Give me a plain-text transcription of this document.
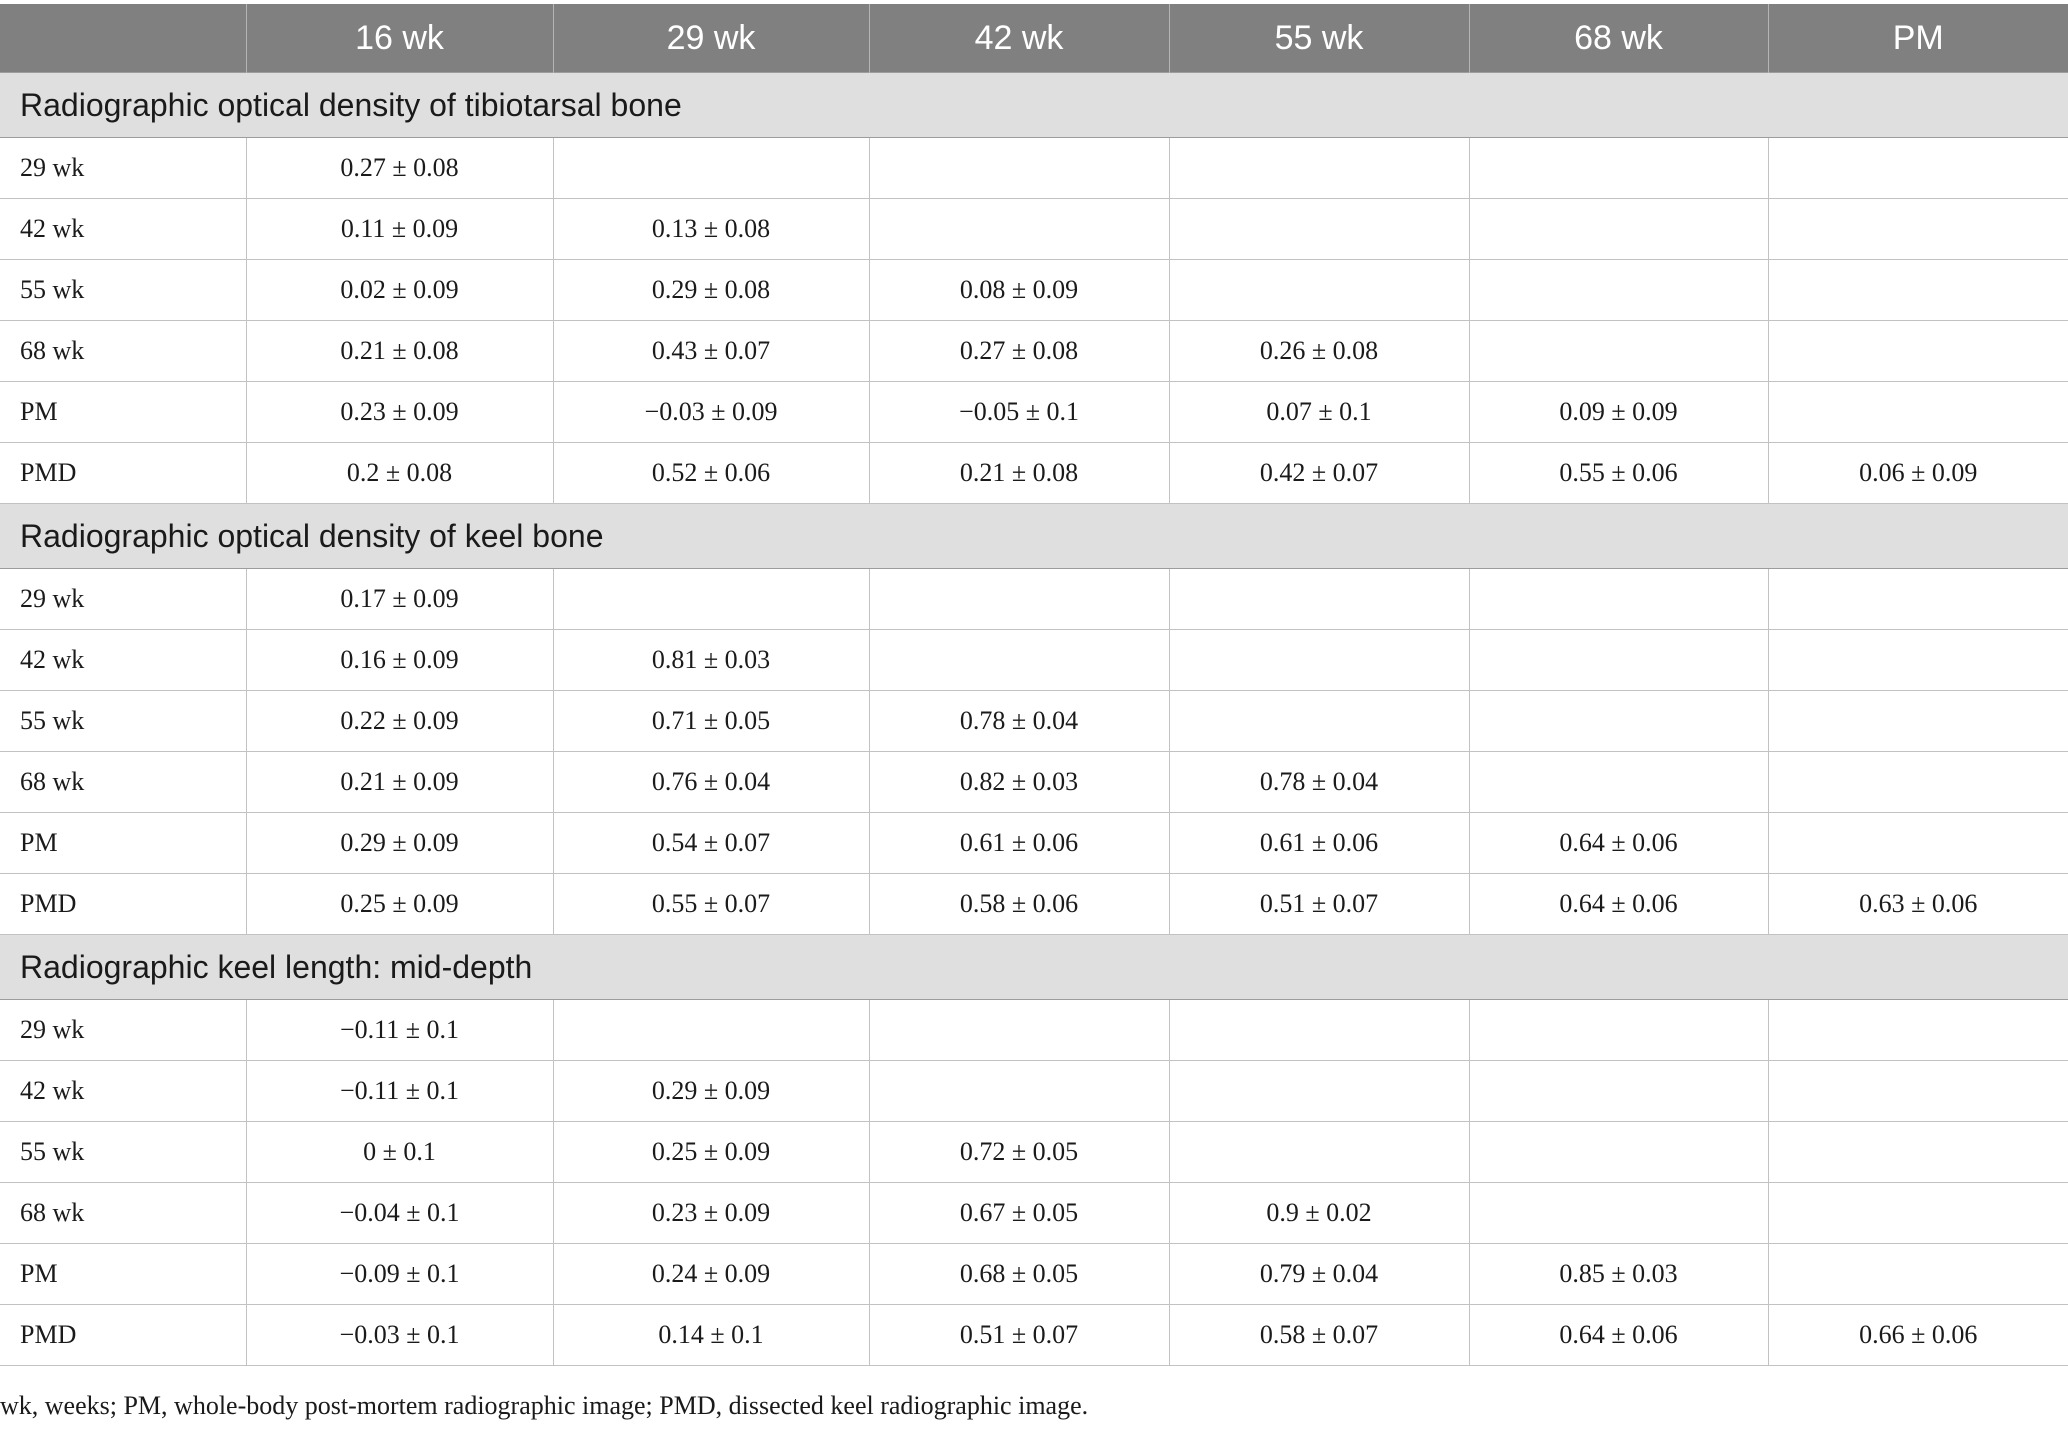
	16 wk	29 wk	42 wk	55 wk	68 wk	PM
Radiographic optical density of tibiotarsal bone						
29 wk	0.27 ± 0.08					
42 wk	0.11 ± 0.09	0.13 ± 0.08				
55 wk	0.02 ± 0.09	0.29 ± 0.08	0.08 ± 0.09			
68 wk	0.21 ± 0.08	0.43 ± 0.07	0.27 ± 0.08	0.26 ± 0.08		
PM	0.23 ± 0.09	−0.03 ± 0.09	−0.05 ± 0.1	0.07 ± 0.1	0.09 ± 0.09	
PMD	0.2 ± 0.08	0.52 ± 0.06	0.21 ± 0.08	0.42 ± 0.07	0.55 ± 0.06	0.06 ± 0.09
Radiographic optical density of keel bone						
29 wk	0.17 ± 0.09					
42 wk	0.16 ± 0.09	0.81 ± 0.03				
55 wk	0.22 ± 0.09	0.71 ± 0.05	0.78 ± 0.04			
68 wk	0.21 ± 0.09	0.76 ± 0.04	0.82 ± 0.03	0.78 ± 0.04		
PM	0.29 ± 0.09	0.54 ± 0.07	0.61 ± 0.06	0.61 ± 0.06	0.64 ± 0.06	
PMD	0.25 ± 0.09	0.55 ± 0.07	0.58 ± 0.06	0.51 ± 0.07	0.64 ± 0.06	0.63 ± 0.06
Radiographic keel length: mid-depth						
29 wk	−0.11 ± 0.1					
42 wk	−0.11 ± 0.1	0.29 ± 0.09				
55 wk	0 ± 0.1	0.25 ± 0.09	0.72 ± 0.05			
68 wk	−0.04 ± 0.1	0.23 ± 0.09	0.67 ± 0.05	0.9 ± 0.02		
PM	−0.09 ± 0.1	0.24 ± 0.09	0.68 ± 0.05	0.79 ± 0.04	0.85 ± 0.03	
PMD	−0.03 ± 0.1	0.14 ± 0.1	0.51 ± 0.07	0.58 ± 0.07	0.64 ± 0.06	0.66 ± 0.06
wk, weeks; PM, whole-body post-mortem radiographic image; PMD, dissected keel radiographic image.
